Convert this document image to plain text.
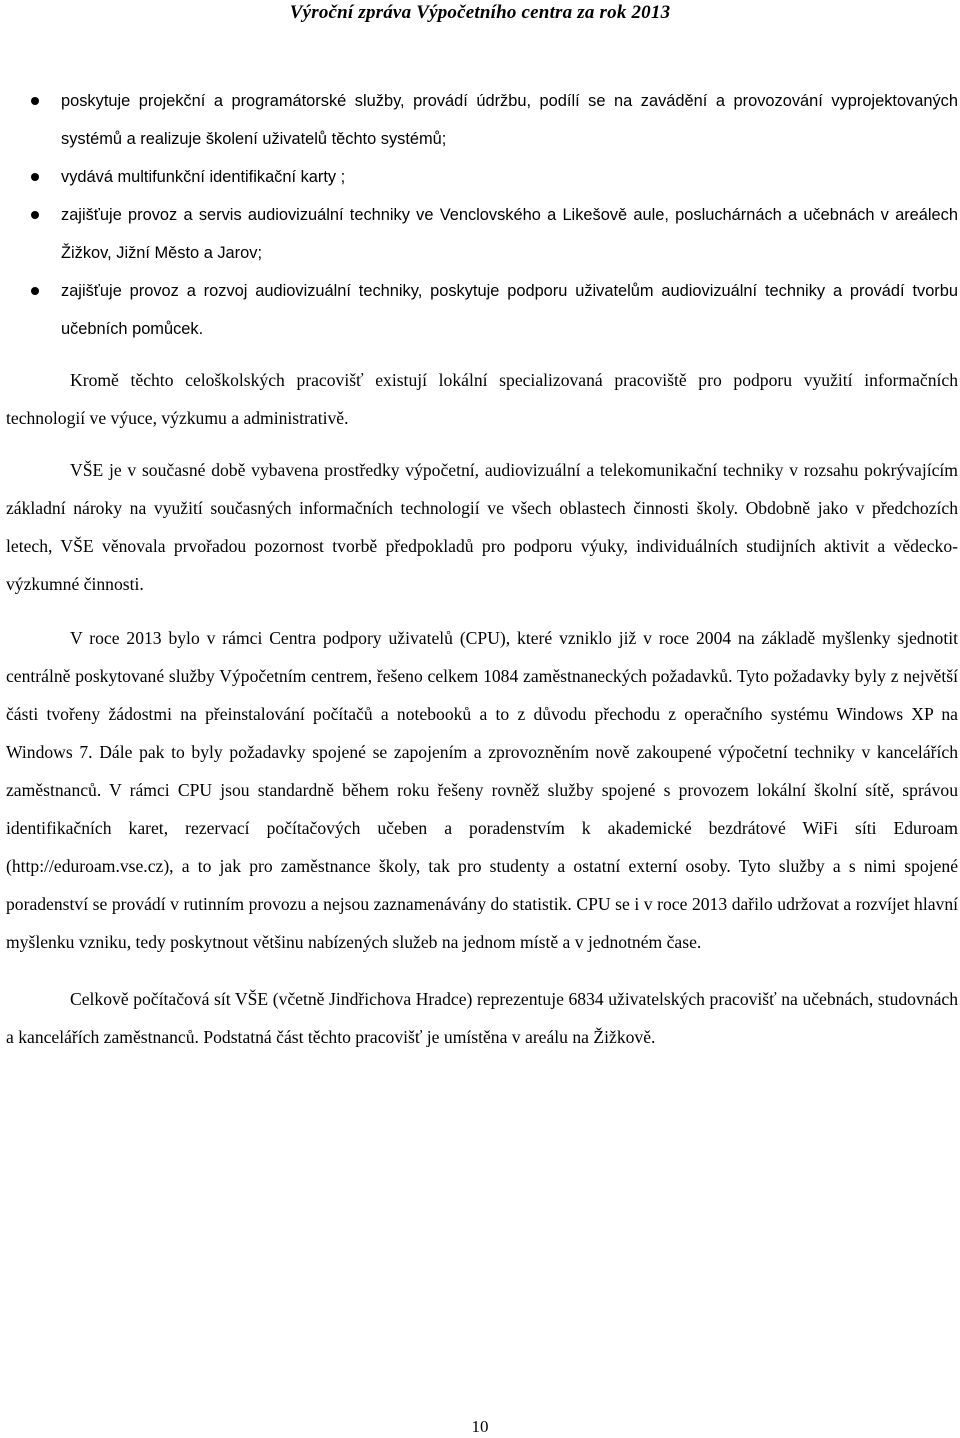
Výroční zpráva Výpočetního centra za rok 2013
poskytuje projekční a programátorské služby, provádí údržbu, podílí se na zavádění a provozování vyprojektovaných systémů a realizuje školení uživatelů těchto systémů;
vydává multifunkční identifikační karty ;
zajišťuje provoz a servis audiovizuální techniky ve Venclovského a Likešově aule, posluchárnách a učebnách v areálech Žižkov, Jižní Město a Jarov;
zajišťuje provoz a rozvoj audiovizuální techniky, poskytuje podporu uživatelům audiovizuální techniky a provádí tvorbu učebních pomůcek.

Kromě těchto celoškolských pracovišť existují lokální specializovaná pracoviště pro podporu využití informačních technologií ve výuce, výzkumu a administrativě.

VŠE je v současné době vybavena prostředky výpočetní, audiovizuální a telekomunikační techniky v rozsahu pokrývajícím základní nároky na využití současných informačních technologií ve všech oblastech činnosti školy. Obdobně jako v předchozích letech, VŠE věnovala prvořadou pozornost tvorbě předpokladů pro podporu výuky, individuálních studijních aktivit a vědecko-výzkumné činnosti.

V roce 2013 bylo v rámci Centra podpory uživatelů (CPU), které vzniklo již v roce 2004 na základě myšlenky sjednotit centrálně poskytované služby Výpočetním centrem, řešeno celkem 1084 zaměstnaneckých požadavků. Tyto požadavky byly z největší části tvořeny žádostmi na přeinstalování počítačů a notebooků a to z důvodu přechodu z operačního systému Windows XP na Windows 7. Dále pak to byly požadavky spojené se zapojením a zprovozněním nově zakoupené výpočetní techniky v kancelářích zaměstnanců. V rámci CPU jsou standardně během roku řešeny rovněž služby spojené s provozem lokální školní sítě, správou identifikačních karet, rezervací počítačových učeben a poradenstvím k akademické bezdrátové WiFi síti Eduroam (http://eduroam.vse.cz), a to jak pro zaměstnance školy, tak pro studenty a ostatní externí osoby. Tyto služby a s nimi spojené poradenství se provádí v rutinním provozu a nejsou zaznamenávány do statistik. CPU se i v roce 2013 dařilo udržovat a rozvíjet hlavní myšlenku vzniku, tedy poskytnout většinu nabízených služeb na jednom místě a v jednotném čase.

Celkově počítačová sít VŠE (včetně Jindřichova Hradce) reprezentuje 6834 uživatelských pracovišť na učebnách, studovnách a kancelářích zaměstnanců. Podstatná část těchto pracovišť je umístěna v areálu na Žižkově.

10
